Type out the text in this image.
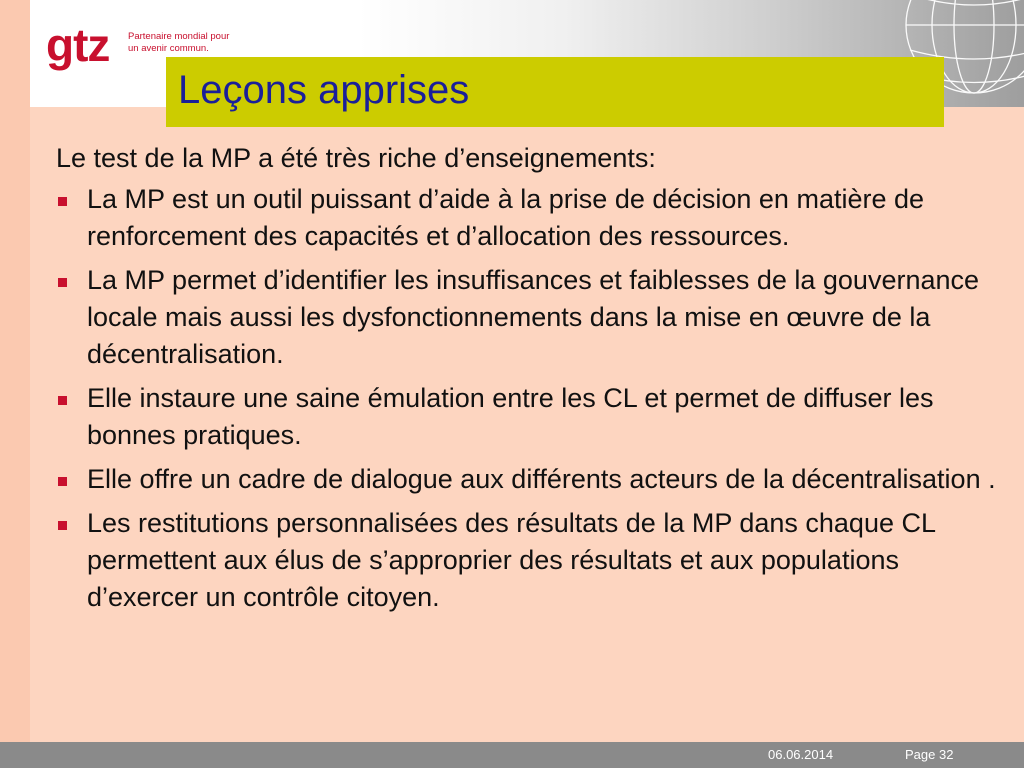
gtz Partenaire mondial pour
un avenir commun.
Leçons apprises
Le test de la MP a été très riche d’enseignements:
La MP est un outil puissant d’aide à la prise de décision en matière de renforcement des capacités et d’allocation des ressources.
La MP permet d’identifier les insuffisances et faiblesses de la gouvernance locale mais aussi les dysfonctionnements dans la mise en œuvre de la décentralisation.
Elle instaure une saine émulation entre les CL et permet de diffuser les bonnes pratiques.
Elle offre un cadre de dialogue aux différents acteurs de la décentralisation .
Les restitutions personnalisées des résultats de la MP dans chaque CL permettent aux élus de s’approprier des résultats et aux populations d’exercer un contrôle citoyen.
06.06.2014	Page 32
